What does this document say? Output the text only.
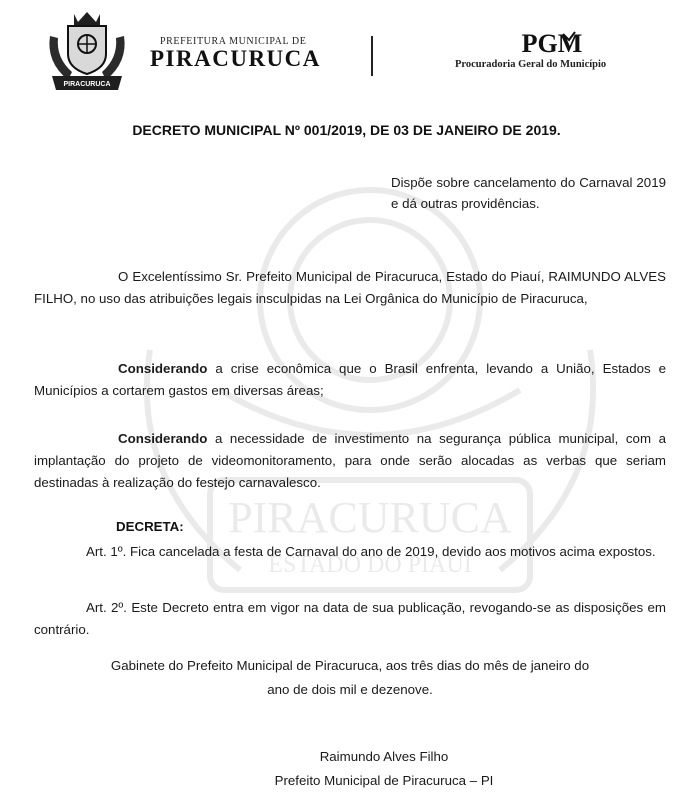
PIRACURUCA
ESTADO DO PIAUÍ
PIRACURUCA
PREFEITURA MUNICIPAL DE
PIRACURUCA
PGM
Procuradoria Geral do Município
DECRETO MUNICIPAL Nº 001/2019, DE 03 DE JANEIRO DE 2019.
Dispõe sobre cancelamento do Carnaval 2019 e dá outras providências.
O Excelentíssimo Sr. Prefeito Municipal de Piracuruca, Estado do Piauí, RAIMUNDO ALVES FILHO, no uso das atribuições legais insculpidas na Lei Orgânica do Município de Piracuruca,
Considerando a crise econômica que o Brasil enfrenta, levando a União, Estados e Municípios a cortarem gastos em diversas áreas;
Considerando a necessidade de investimento na segurança pública municipal, com a implantação do projeto de videomonitoramento, para onde serão alocadas as verbas que seriam destinadas à realização do festejo carnavalesco.
DECRETA:
Art. 1º. Fica cancelada a festa de Carnaval do ano de 2019, devido aos motivos acima expostos.
Art. 2º. Este Decreto entra em vigor na data de sua publicação, revogando-se as disposições em contrário.
Gabinete do Prefeito Municipal de Piracuruca, aos três dias do mês de janeiro do
ano de dois mil e dezenove.
Raimundo Alves Filho
Prefeito Municipal de Piracuruca – PI
